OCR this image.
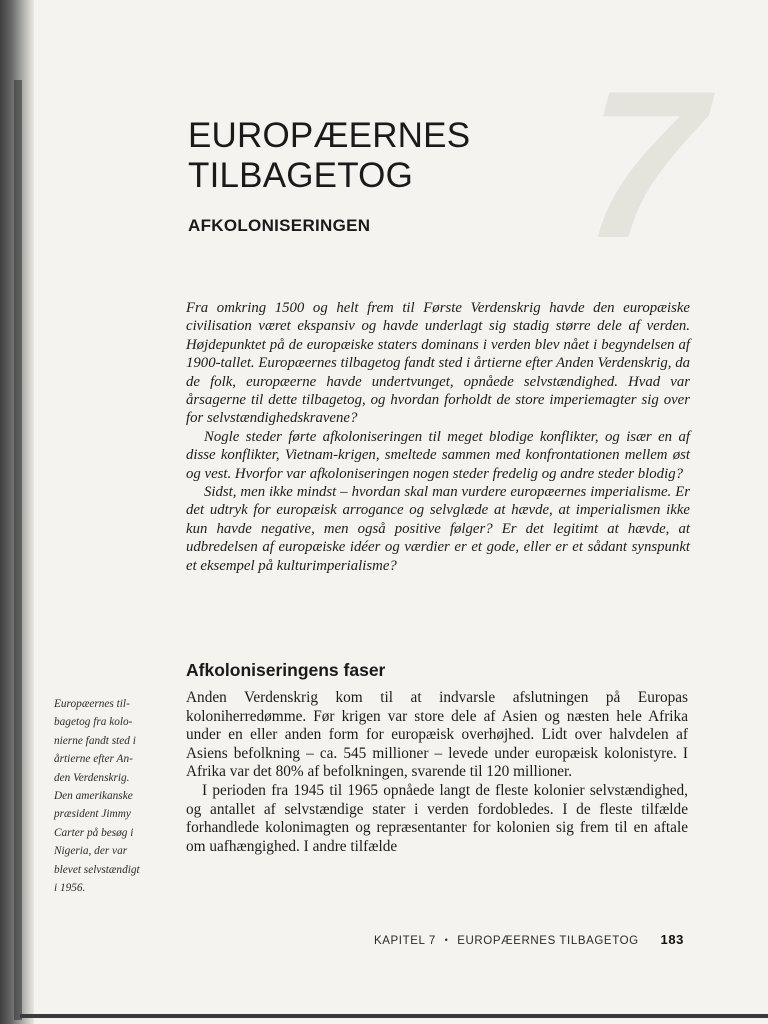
7
EUROPÆERNES
TILBAGETOG
AFKOLONISERINGEN

Fra omkring 1500 og helt frem til Første Verdenskrig havde den europæiske civilisation været ekspansiv og havde underlagt sig stadig større dele af verden. Højdepunktet på de europæiske staters dominans i verden blev nået i begyndelsen af 1900-tallet. Europæernes tilbagetog fandt sted i årtierne efter Anden Verdenskrig, da de folk, europæerne havde undertvunget, opnåede selvstændighed. Hvad var årsagerne til dette tilbagetog, og hvordan forholdt de store imperiemagter sig over for selvstændighedskravene?

Nogle steder førte afkoloniseringen til meget blodige konflikter, og især en af disse konflikter, Vietnam-krigen, smeltede sammen med konfrontationen mellem øst og vest. Hvorfor var afkoloniseringen nogen steder fredelig og andre steder blodig?

Sidst, men ikke mindst – hvordan skal man vurdere europæernes imperialisme. Er det udtryk for europæisk arrogance og selvglæde at hævde, at imperialismen ikke kun havde negative, men også positive følger? Er det legitimt at hævde, at udbredelsen af europæiske idéer og værdier er et gode, eller er et sådant synspunkt et eksempel på kulturimperialisme?

Afkoloniseringens faser

Anden Verdenskrig kom til at indvarsle afslutningen på Europas koloniherredømme. Før krigen var store dele af Asien og næsten hele Afrika under en eller anden form for europæisk overhøjhed. Lidt over halvdelen af Asiens befolkning – ca. 545 millioner – levede under europæisk kolonistyre. I Afrika var det 80% af befolkningen, svarende til 120 millioner.

I perioden fra 1945 til 1965 opnåede langt de fleste kolonier selvstændighed, og antallet af selvstændige stater i verden fordobledes. I de fleste tilfælde forhandlede kolonimagten og repræsentanter for kolonien sig frem til en aftale om uafhængighed. I andre tilfælde

Europæernes til-
bagetog fra kolo-
nierne fandt sted i
årtierne efter An-
den Verdenskrig.
Den amerikanske
præsident Jimmy
Carter på besøg i
Nigeria, der var
blevet selvstændigt
i 1956.
KAPITEL 7 • EUROPÆERNES TILBAGETOG 183
